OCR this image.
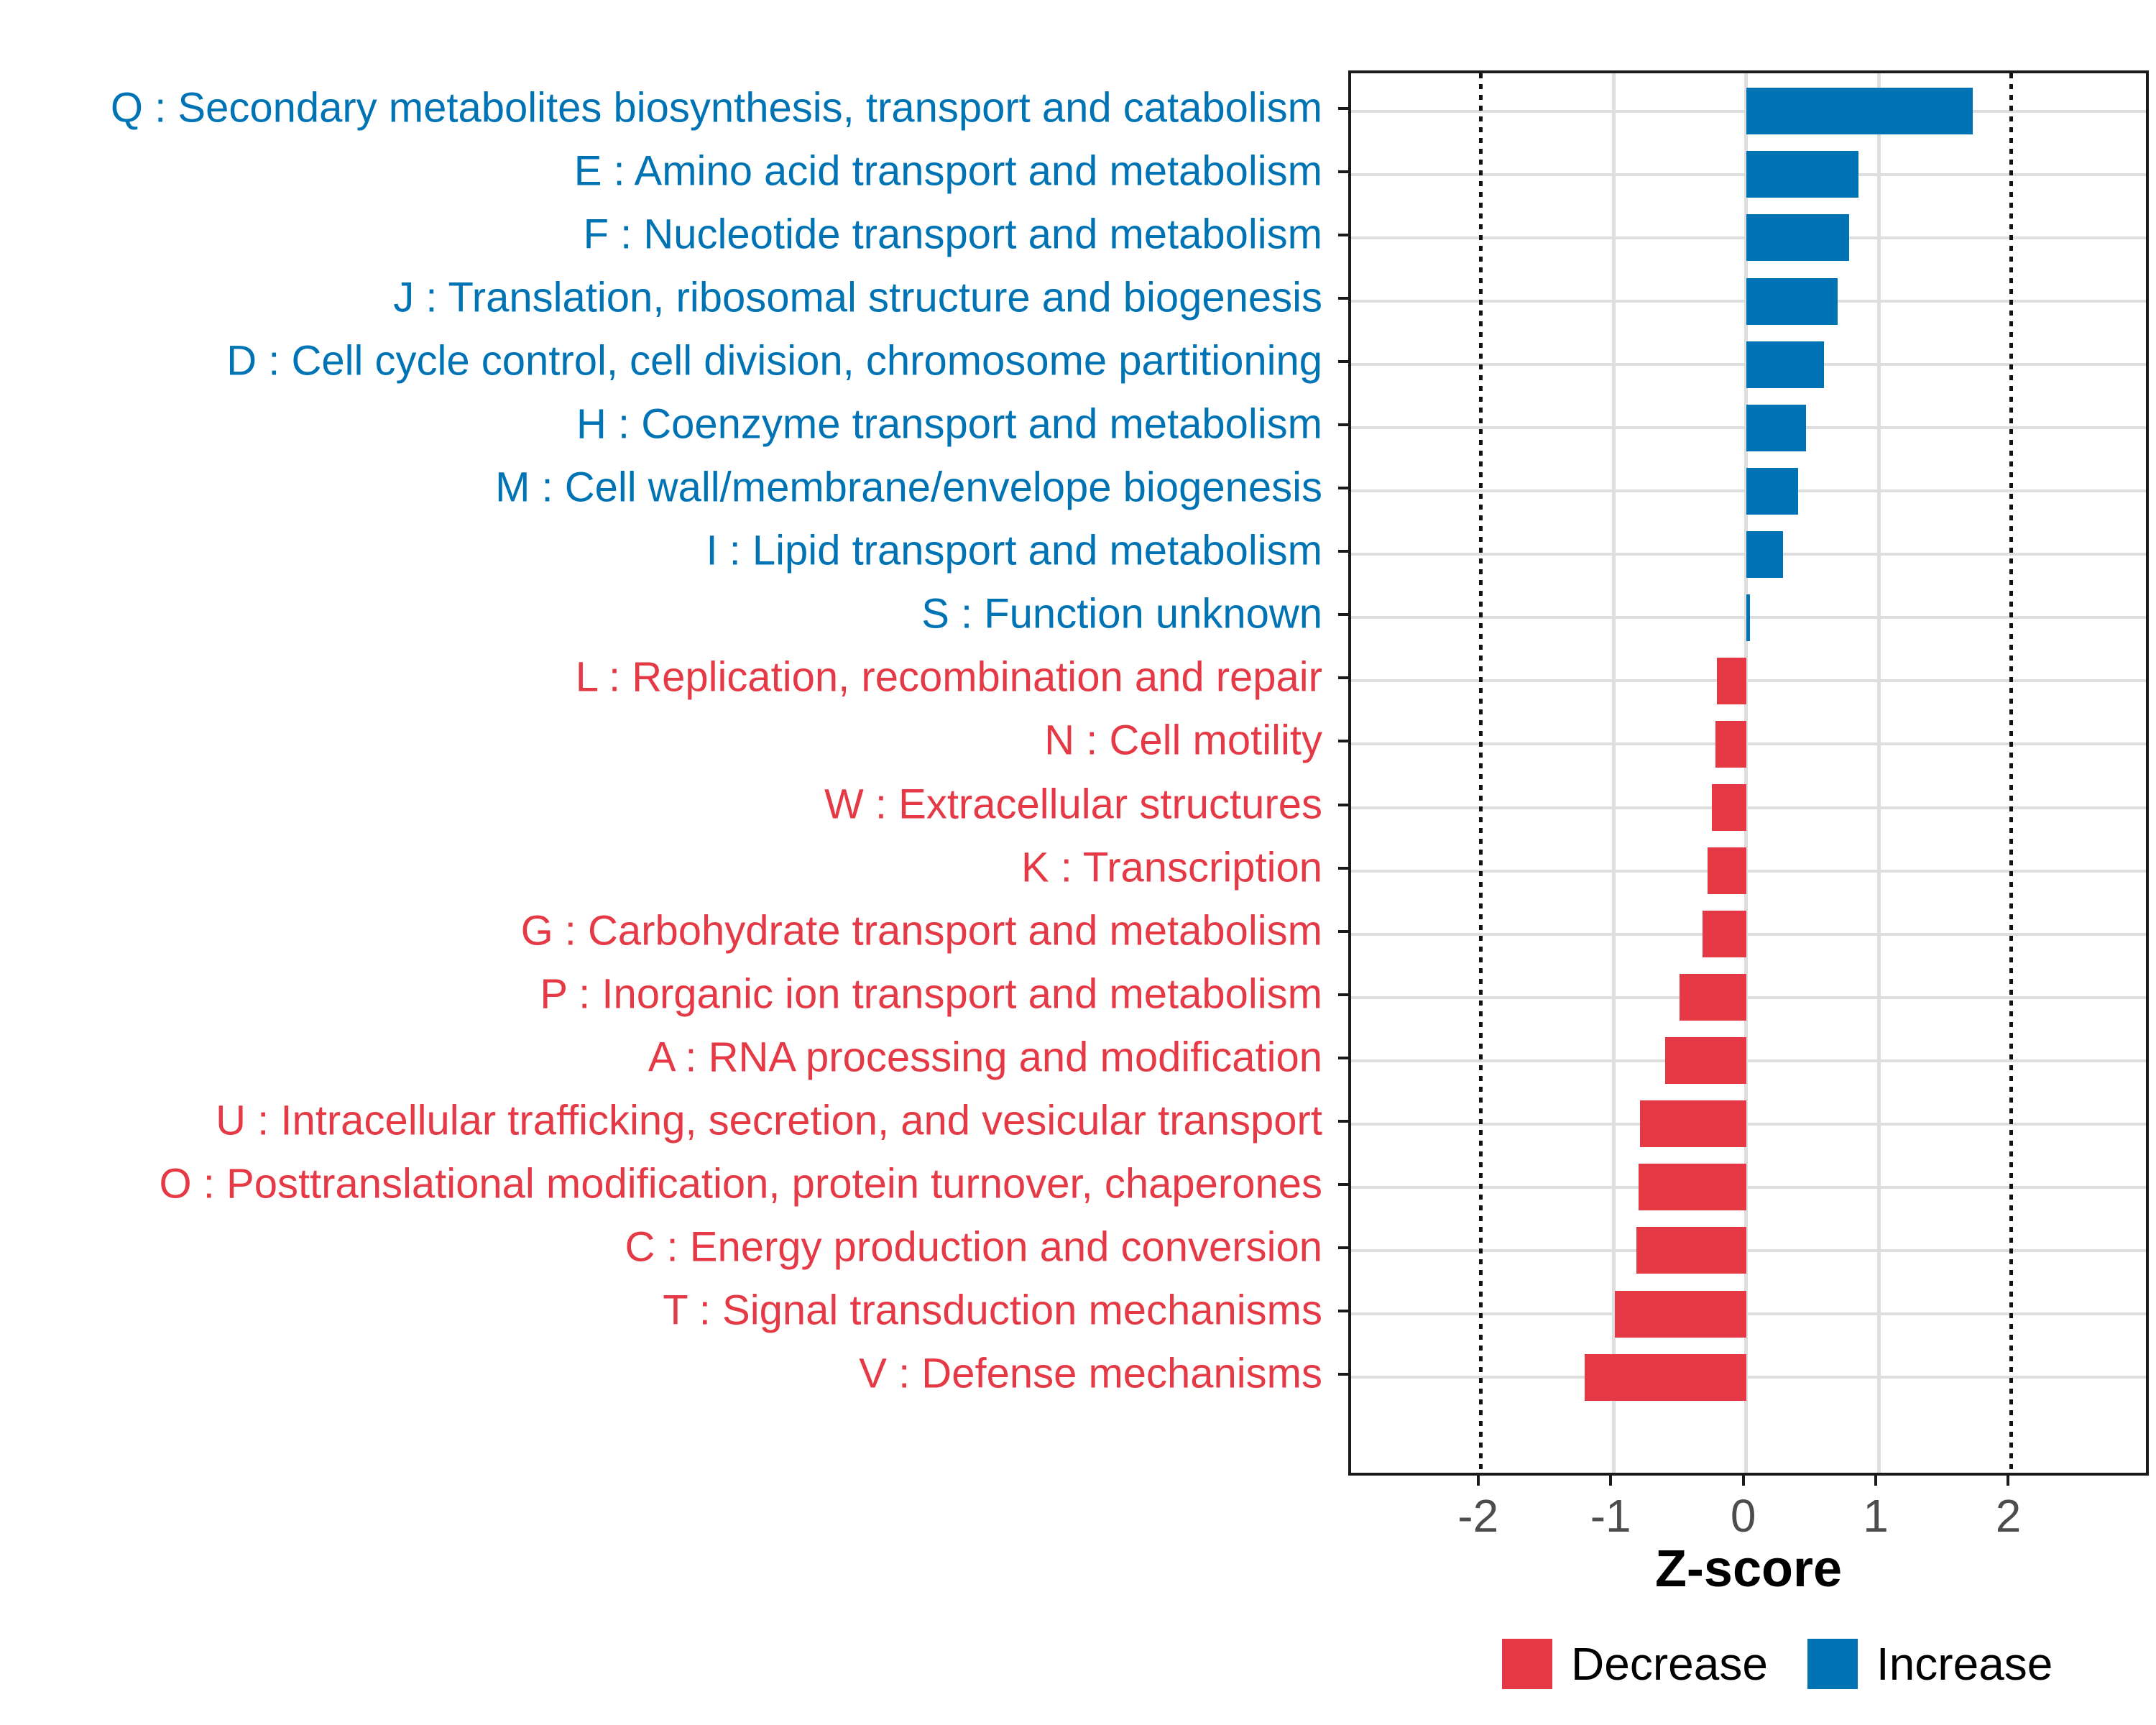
Q : Secondary metabolites biosynthesis, transport and catabolism
E : Amino acid transport and metabolism
F : Nucleotide transport and metabolism
J : Translation, ribosomal structure and biogenesis
D : Cell cycle control, cell division, chromosome partitioning
H : Coenzyme transport and metabolism
M : Cell wall/membrane/envelope biogenesis
I : Lipid transport and metabolism
S : Function unknown
L : Replication, recombination and repair
N : Cell motility
W : Extracellular structures
K : Transcription
G : Carbohydrate transport and metabolism
P : Inorganic ion transport and metabolism
A : RNA processing and modification
U : Intracellular trafficking, secretion, and vesicular transport
O : Posttranslational modification, protein turnover, chaperones
C : Energy production and conversion
T : Signal transduction mechanisms
V : Defense mechanisms
-2	-1	0	1	2
Z-score
Decrease Increase
